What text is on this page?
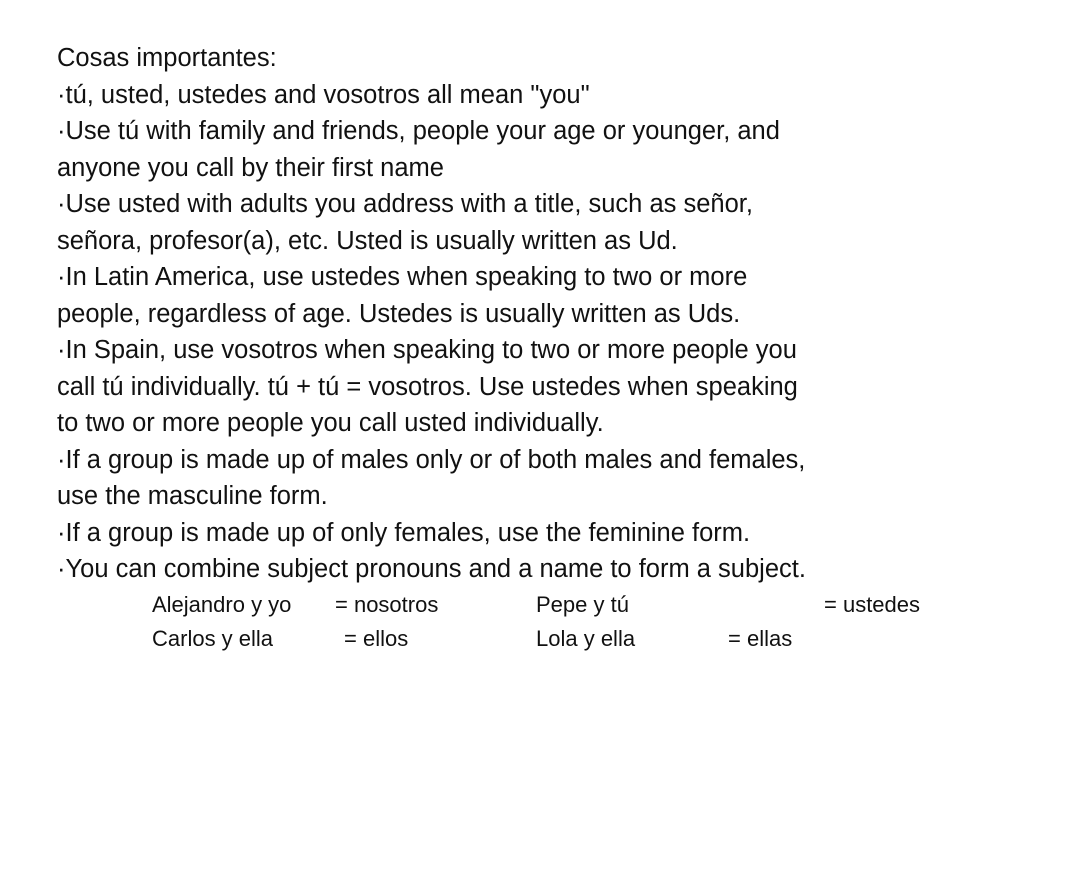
Cosas importantes:
·tú, usted, ustedes and vosotros all mean "you"
·Use tú with family and friends, people your age or younger, and
anyone you call by their first name
·Use usted with adults you address with a title, such as señor,
señora, profesor(a), etc. Usted is usually written as Ud.
·In Latin America, use ustedes when speaking to two or more
people, regardless of age. Ustedes is usually written as Uds.
·In Spain, use vosotros when speaking to two or more people you
call tú individually. tú + tú = vosotros. Use ustedes when speaking
to two or more people you call usted individually.
·If a group is made up of males only or of both males and females,
use the masculine form.
·If a group is made up of only females, use the feminine form.
·You can combine subject pronouns and a name to form a subject.
Alejandro y yo = nosotros	Pepe y tú	= ustedes
Carlos y ella	= ellos	Lola y ella	= ellas
